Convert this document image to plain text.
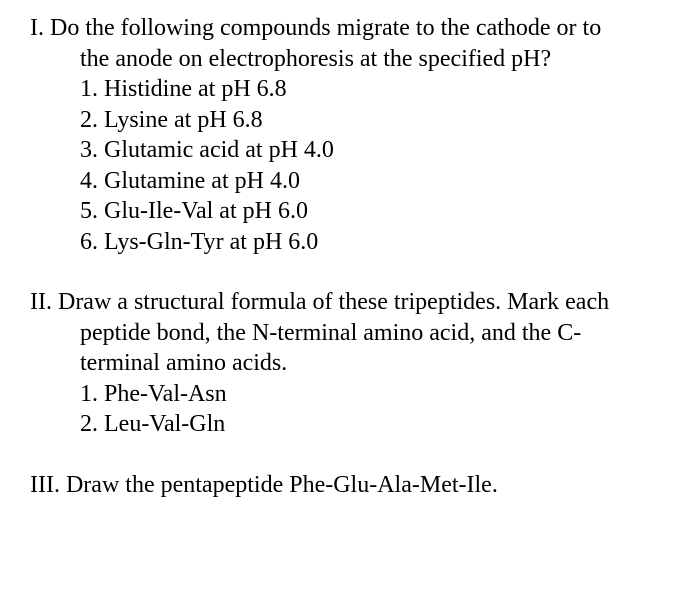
I. Do the following compounds migrate to the cathode or to

the anode on electrophoresis at the specified pH?

1. Histidine at pH 6.8
2. Lysine at pH 6.8
3. Glutamic acid at pH 4.0
4. Glutamine at pH 4.0
5. Glu-Ile-Val at pH 6.0
6. Lys-Gln-Tyr at pH 6.0

II. Draw a structural formula of these tripeptides. Mark each

peptide bond, the N-terminal amino acid, and the C-

terminal amino acids.

1. Phe-Val-Asn
2. Leu-Val-Gln

III. Draw the pentapeptide Phe-Glu-Ala-Met-Ile.
